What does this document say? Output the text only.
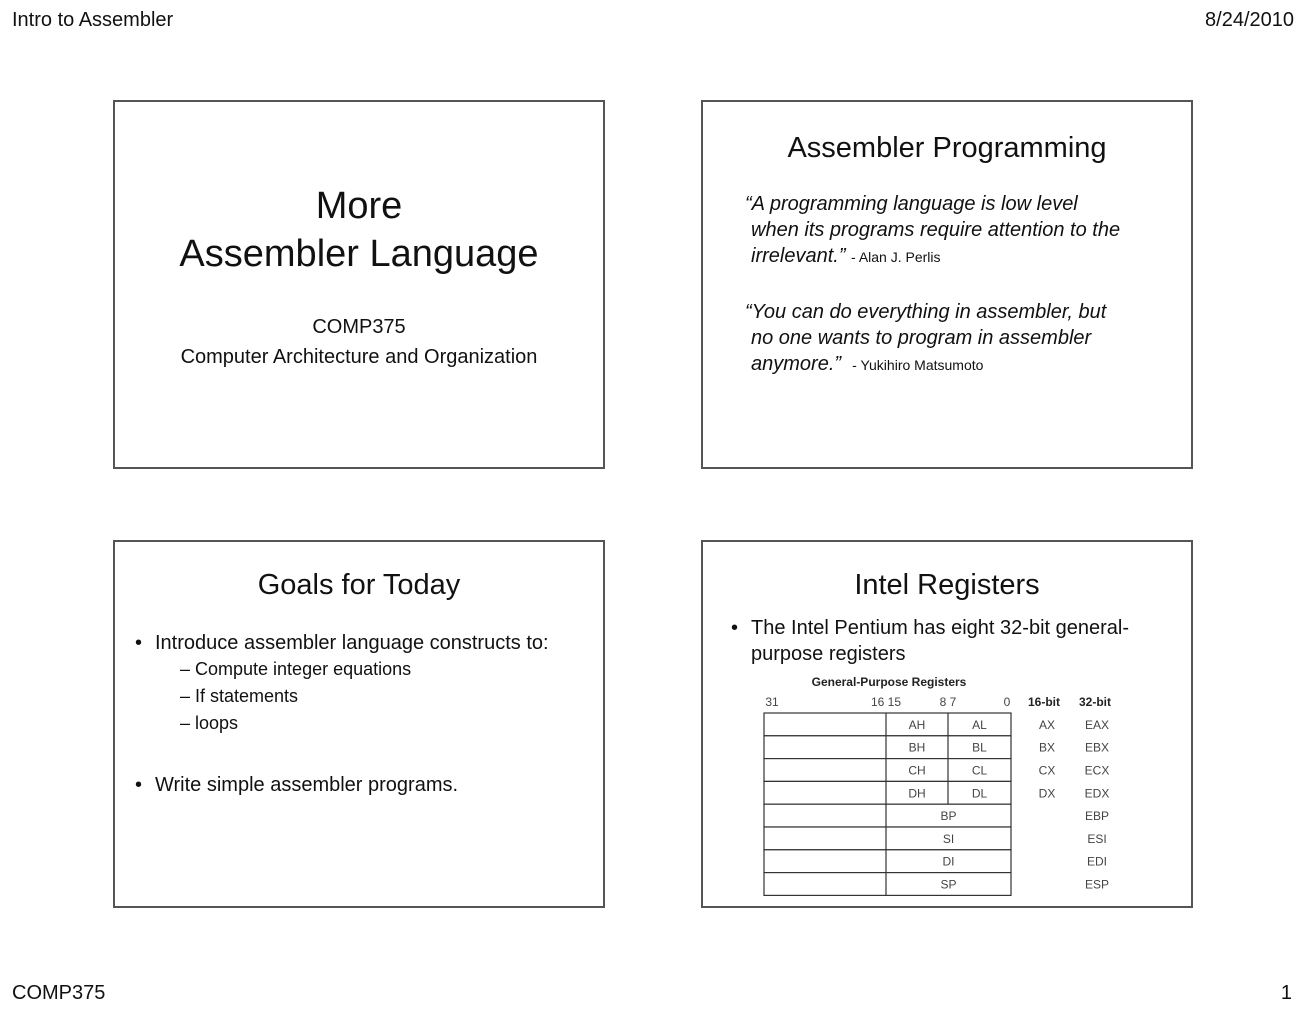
Intro to Assembler	8/24/2010
COMP375	1
More
Assembler Language
COMP375
Computer Architecture and Organization
Assembler Programming
“A programming language is low level
when its programs require attention to the
irrelevant.” - Alan J. Perlis
“You can do everything in assembler, but
no one wants to program in assembler
anymore.” - Yukihiro Matsumoto
Goals for Today
• Introduce assembler language constructs to:
– Compute integer equations
– If statements
– loops
• Write simple assembler programs.
Intel Registers
• The Intel Pentium has eight 32-bit general-
purpose registers
General-Purpose Registers
31	16 15	8 7	0 16-bit 32-bit
AH	AL	AX EAX
BH	BL	BX EBX
CH	CL	CX ECX
DH	DL	DX EDX
BP	EBP
SI	ESI
DI	EDI
SP	ESP
